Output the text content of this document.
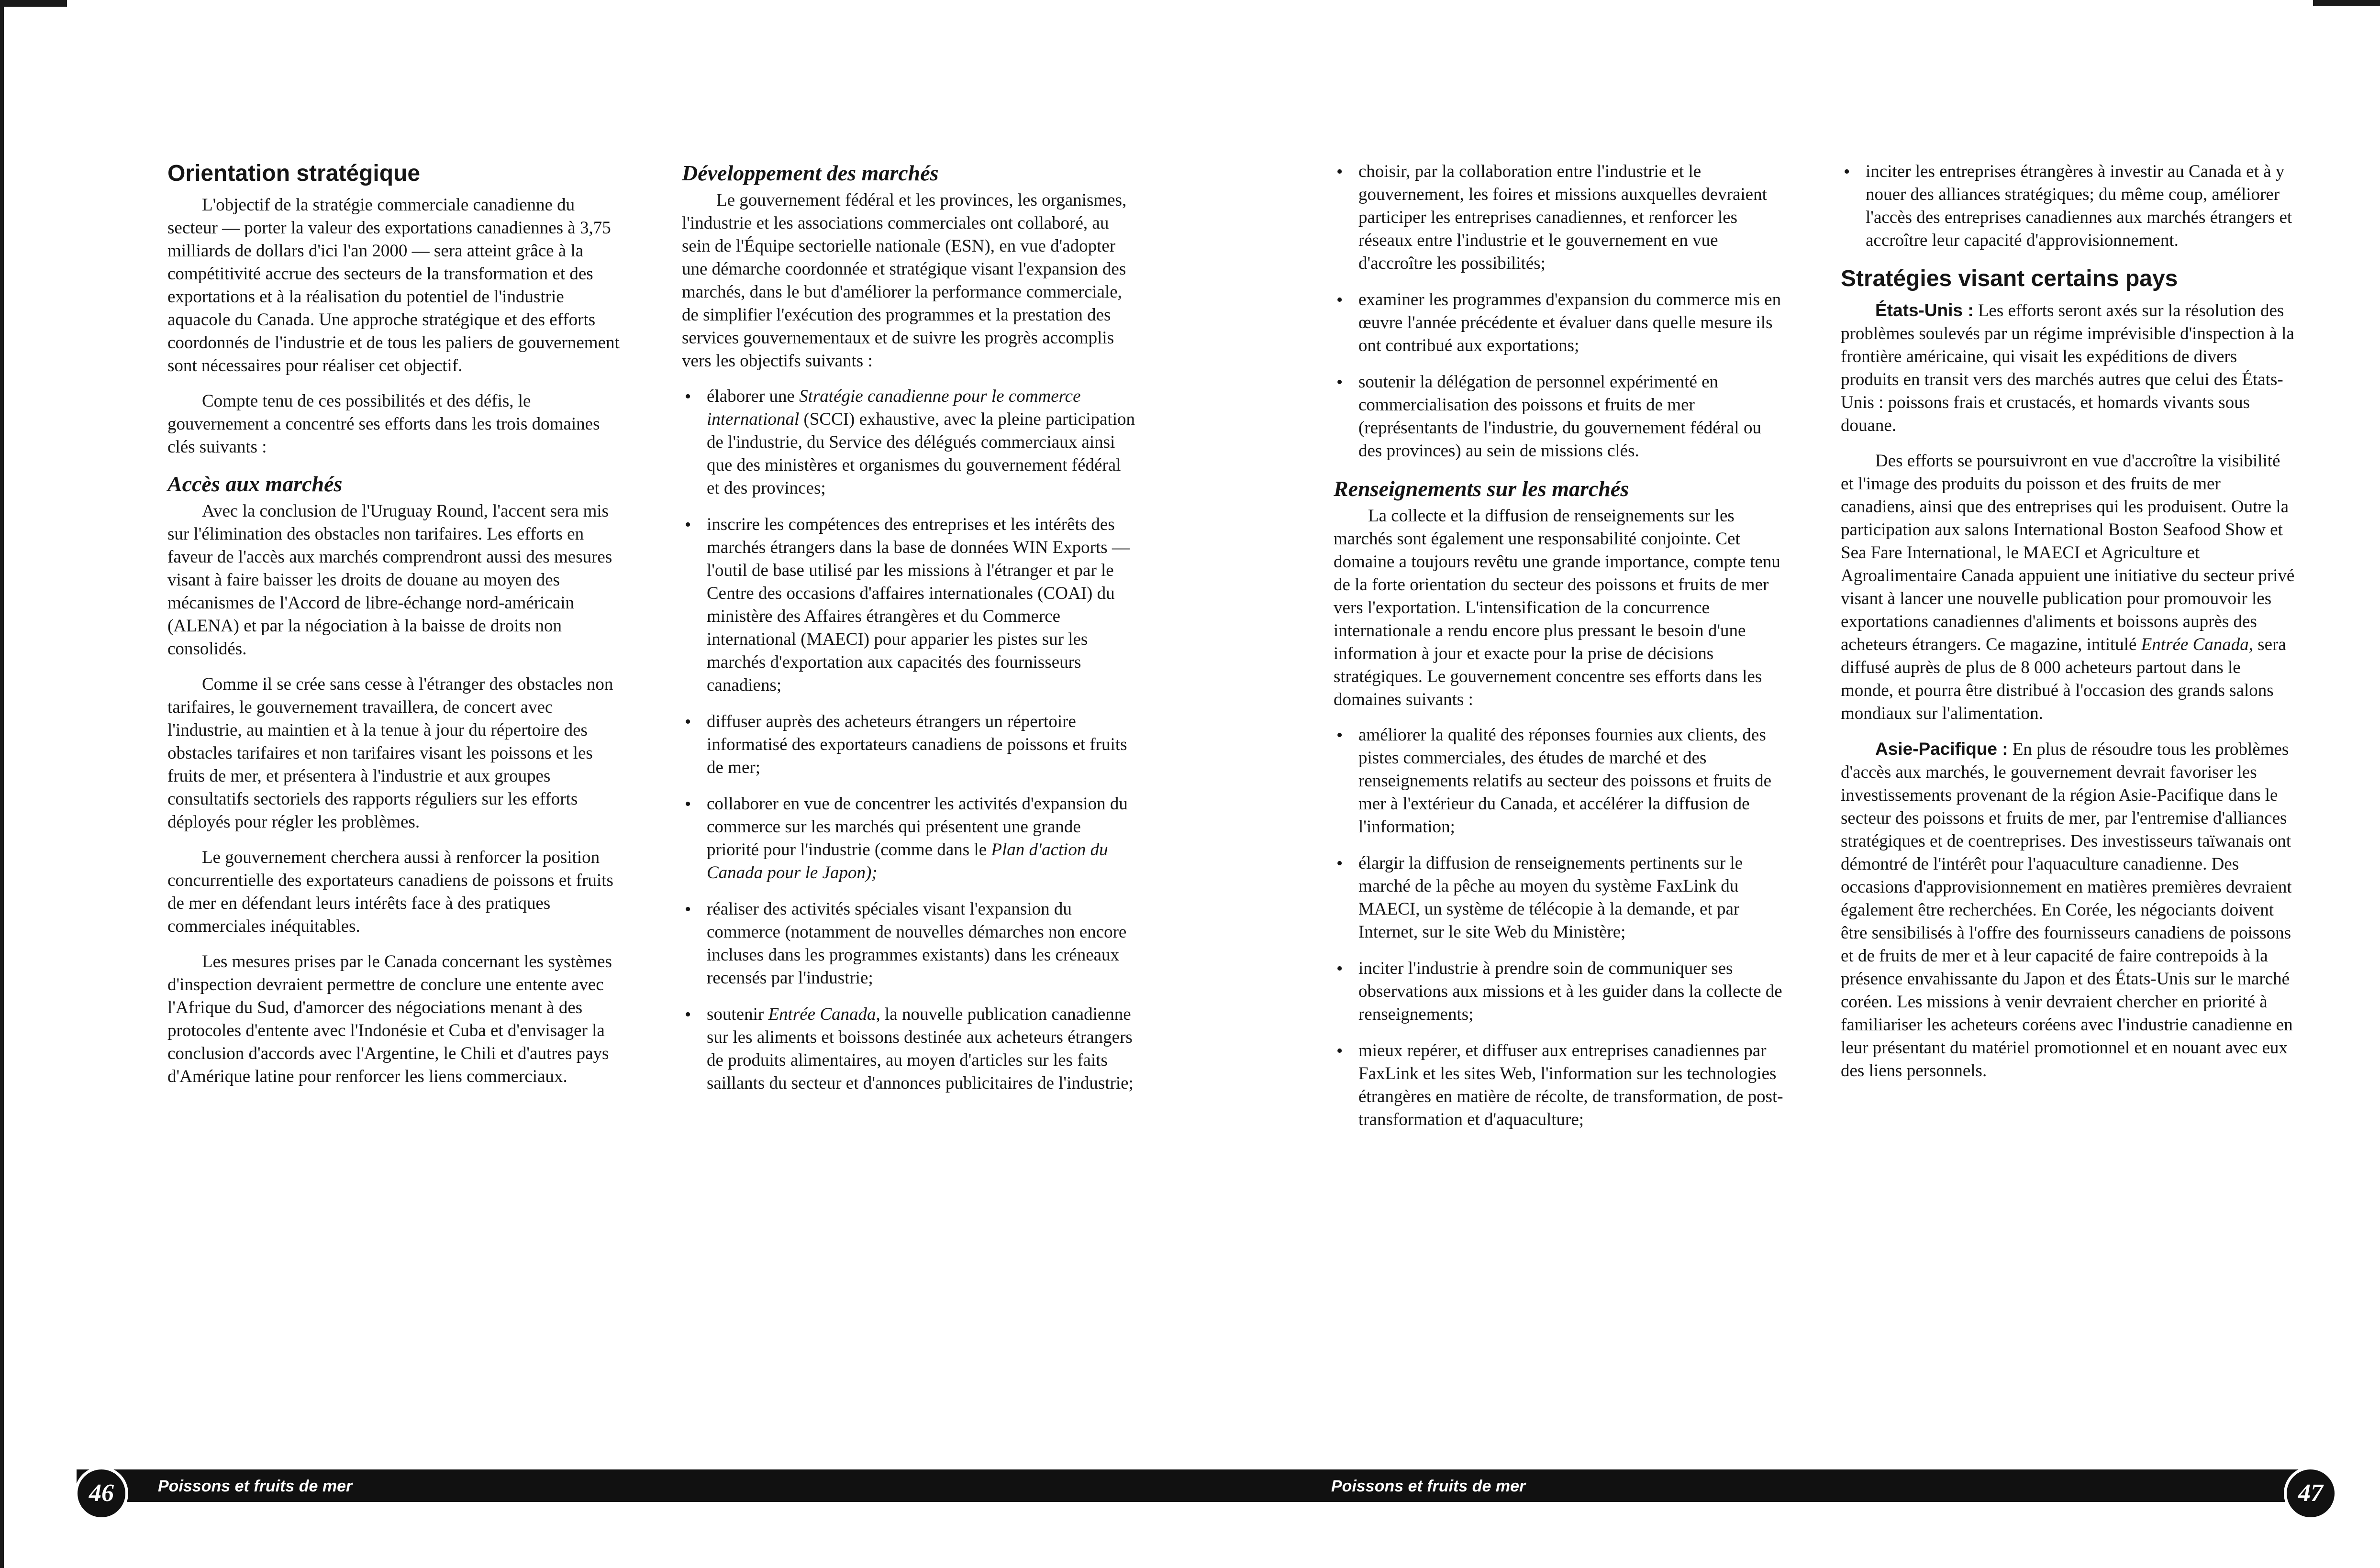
Orientation stratégique

L'objectif de la stratégie commerciale canadienne du secteur — porter la valeur des exportations canadiennes à 3,75 milliards de dollars d'ici l'an 2000 — sera atteint grâce à la compétitivité accrue des secteurs de la transformation et des exportations et à la réalisation du potentiel de l'industrie aquacole du Canada. Une approche stratégique et des efforts coordonnés de l'industrie et de tous les paliers de gouvernement sont nécessaires pour réaliser cet objectif.

Compte tenu de ces possibilités et des défis, le gouvernement a concentré ses efforts dans les trois domaines clés suivants :

Accès aux marchés

Avec la conclusion de l'Uruguay Round, l'accent sera mis sur l'élimination des obstacles non tarifaires. Les efforts en faveur de l'accès aux marchés comprendront aussi des mesures visant à faire baisser les droits de douane au moyen des mécanismes de l'Accord de libre-échange nord-américain (ALENA) et par la négociation à la baisse de droits non consolidés.

Comme il se crée sans cesse à l'étranger des obstacles non tarifaires, le gouvernement travaillera, de concert avec l'industrie, au maintien et à la tenue à jour du répertoire des obstacles tarifaires et non tarifaires visant les poissons et les fruits de mer, et présentera à l'industrie et aux groupes consultatifs sectoriels des rapports réguliers sur les efforts déployés pour régler les problèmes.

Le gouvernement cherchera aussi à renforcer la position concurrentielle des exportateurs canadiens de poissons et fruits de mer en défendant leurs intérêts face à des pratiques commerciales inéquitables.

Les mesures prises par le Canada concernant les systèmes d'inspection devraient permettre de conclure une entente avec l'Afrique du Sud, d'amorcer des négociations menant à des protocoles d'entente avec l'Indonésie et Cuba et d'envisager la conclusion d'accords avec l'Argentine, le Chili et d'autres pays d'Amérique latine pour renforcer les liens commerciaux.

Développement des marchés

Le gouvernement fédéral et les provinces, les organismes, l'industrie et les associations commerciales ont collaboré, au sein de l'Équipe sectorielle nationale (ESN), en vue d'adopter une démarche coordonnée et stratégique visant l'expansion des marchés, dans le but d'améliorer la performance commerciale, de simplifier l'exécution des programmes et la prestation des services gouvernementaux et de suivre les progrès accomplis vers les objectifs suivants :

• élaborer une Stratégie canadienne pour le commerce international (SCCI) exhaustive, avec la pleine participation de l'industrie, du Service des délégués commerciaux ainsi que des ministères et organismes du gouvernement fédéral et des provinces;
• inscrire les compétences des entreprises et les intérêts des marchés étrangers dans la base de données WIN Exports — l'outil de base utilisé par les missions à l'étranger et par le Centre des occasions d'affaires internationales (COAI) du ministère des Affaires étrangères et du Commerce international (MAECI) pour apparier les pistes sur les marchés d'exportation aux capacités des fournisseurs canadiens;
• diffuser auprès des acheteurs étrangers un répertoire informatisé des exportateurs canadiens de poissons et fruits de mer;
• collaborer en vue de concentrer les activités d'expansion du commerce sur les marchés qui présentent une grande priorité pour l'industrie (comme dans le Plan d'action du Canada pour le Japon);
• réaliser des activités spéciales visant l'expansion du commerce (notamment de nouvelles démarches non encore incluses dans les programmes existants) dans les créneaux recensés par l'industrie;
• soutenir Entrée Canada, la nouvelle publication canadienne sur les aliments et boissons destinée aux acheteurs étrangers de produits alimentaires, au moyen d'articles sur les faits saillants du secteur et d'annonces publicitaires de l'industrie;
46	Poissons et fruits de mer
• choisir, par la collaboration entre l'industrie et le gouvernement, les foires et missions auxquelles devraient participer les entreprises canadiennes, et renforcer les réseaux entre l'industrie et le gouvernement en vue d'accroître les possibilités;
• examiner les programmes d'expansion du commerce mis en œuvre l'année précédente et évaluer dans quelle mesure ils ont contribué aux exportations;
• soutenir la délégation de personnel expérimenté en commercialisation des poissons et fruits de mer (représentants de l'industrie, du gouvernement fédéral ou des provinces) au sein de missions clés.
Renseignements sur les marchés

La collecte et la diffusion de renseignements sur les marchés sont également une responsabilité conjointe. Cet domaine a toujours revêtu une grande importance, compte tenu de la forte orientation du secteur des poissons et fruits de mer vers l'exportation. L'intensification de la concurrence internationale a rendu encore plus pressant le besoin d'une information à jour et exacte pour la prise de décisions stratégiques. Le gouvernement concentre ses efforts dans les domaines suivants :

• améliorer la qualité des réponses fournies aux clients, des pistes commerciales, des études de marché et des renseignements relatifs au secteur des poissons et fruits de mer à l'extérieur du Canada, et accélérer la diffusion de l'information;
• élargir la diffusion de renseignements pertinents sur le marché de la pêche au moyen du système FaxLink du MAECI, un système de télécopie à la demande, et par Internet, sur le site Web du Ministère;
• inciter l'industrie à prendre soin de communiquer ses observations aux missions et à les guider dans la collecte de renseignements;
• mieux repérer, et diffuser aux entreprises canadiennes par FaxLink et les sites Web, l'information sur les technologies étrangères en matière de récolte, de transformation, de post-transformation et d'aquaculture;
• inciter les entreprises étrangères à investir au Canada et à y nouer des alliances stratégiques; du même coup, améliorer l'accès des entreprises canadiennes aux marchés étrangers et accroître leur capacité d'approvisionnement.
Stratégies visant certains pays

États-Unis : Les efforts seront axés sur la résolution des problèmes soulevés par un régime imprévisible d'inspection à la frontière américaine, qui visait les expéditions de divers produits en transit vers des marchés autres que celui des États-Unis : poissons frais et crustacés, et homards vivants sous douane.

Des efforts se poursuivront en vue d'accroître la visibilité et l'image des produits du poisson et des fruits de mer canadiens, ainsi que des entreprises qui les produisent. Outre la participation aux salons International Boston Seafood Show et Sea Fare International, le MAECI et Agriculture et Agroalimentaire Canada appuient une initiative du secteur privé visant à lancer une nouvelle publication pour promouvoir les exportations canadiennes d'aliments et boissons auprès des acheteurs étrangers. Ce magazine, intitulé Entrée Canada, sera diffusé auprès de plus de 8 000 acheteurs partout dans le monde, et pourra être distribué à l'occasion des grands salons mondiaux sur l'alimentation.

Asie-Pacifique : En plus de résoudre tous les problèmes d'accès aux marchés, le gouvernement devrait favoriser les investissements provenant de la région Asie-Pacifique dans le secteur des poissons et fruits de mer, par l'entremise d'alliances stratégiques et de coentreprises. Des investisseurs taïwanais ont démontré de l'intérêt pour l'aquaculture canadienne. Des occasions d'approvisionnement en matières premières devraient également être recherchées. En Corée, les négociants doivent être sensibilisés à l'offre des fournisseurs canadiens de poissons et de fruits de mer et à leur capacité de faire contrepoids à la présence envahissante du Japon et des États-Unis sur le marché coréen. Les missions à venir devraient chercher en priorité à familiariser les acheteurs coréens avec l'industrie canadienne en leur présentant du matériel promotionnel et en nouant avec eux des liens personnels.

47
Poissons et fruits de mer
